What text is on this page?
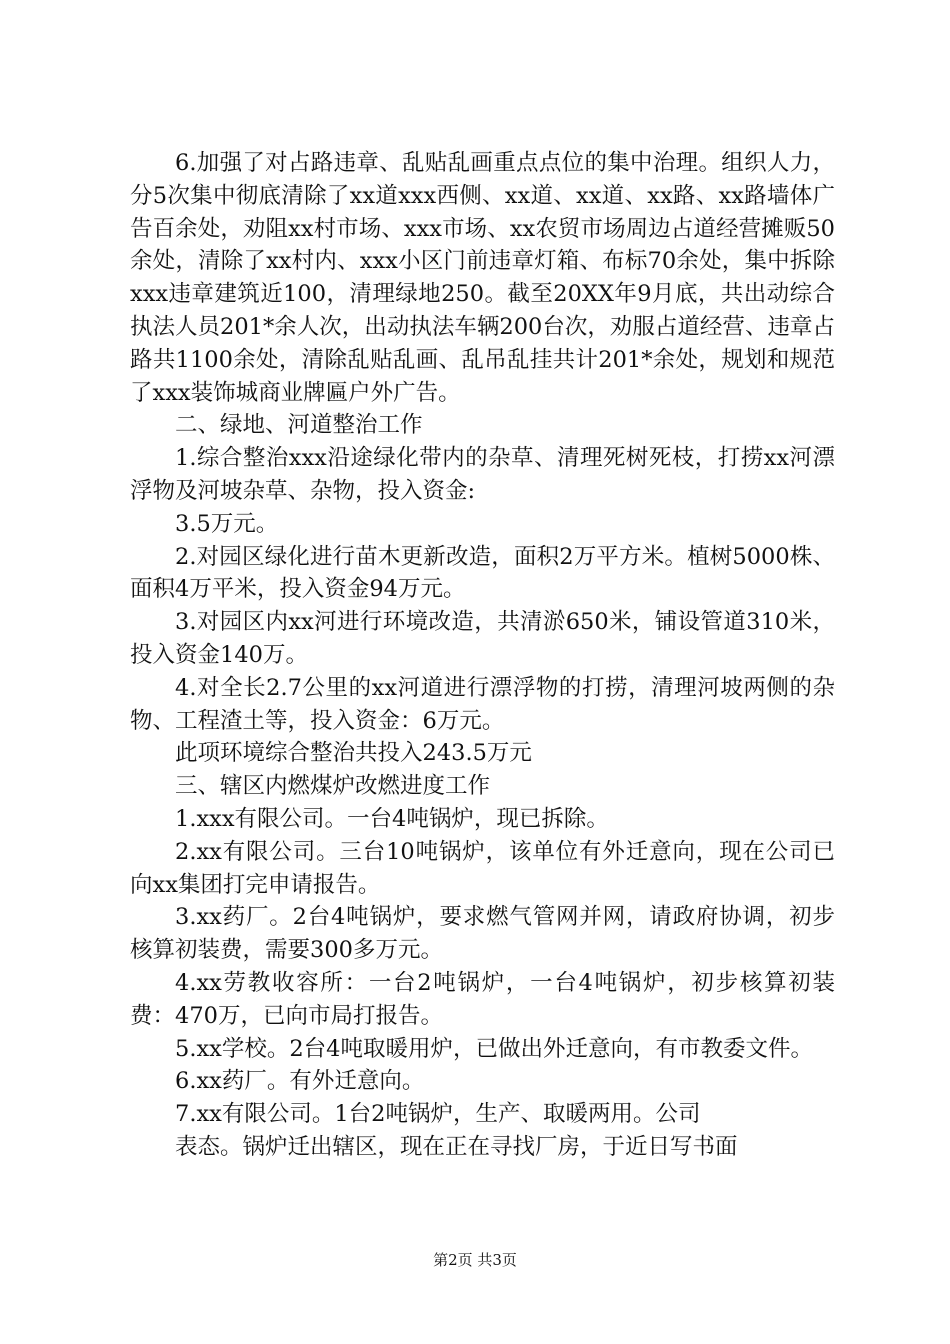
6.加强了对占路违章、乱贴乱画重点点位的集中治理。组织人力，分5次集中彻底清除了xx道xxx西侧、xx道、xx道、xx路、xx路墙体广告百余处，劝阻xx村市场、xxx市场、xx农贸市场周边占道经营摊贩50余处，清除了xx村内、xxx小区门前违章灯箱、布标70余处，集中拆除xxx违章建筑近100，清理绿地250。截至20XX年9月底，共出动综合执法人员201*余人次，出动执法车辆200台次，劝服占道经营、违章占路共1100余处，清除乱贴乱画、乱吊乱挂共计201*余处，规划和规范了xxx装饰城商业牌匾户外广告。

二、绿地、河道整治工作

1.综合整治xxx沿途绿化带内的杂草、清理死树死枝，打捞xx河漂浮物及河坡杂草、杂物，投入资金:

3.5万元。

2.对园区绿化进行苗木更新改造，面积2万平方米。植树5000株、面积4万平米，投入资金94万元。

3.对园区内xx河进行环境改造，共清淤650米，铺设管道310米，投入资金140万。

4.对全长2.7公里的xx河道进行漂浮物的打捞，清理河坡两侧的杂物、工程渣土等，投入资金：6万元。

此项环境综合整治共投入243.5万元

三、辖区内燃煤炉改燃进度工作

1.xxx有限公司。一台4吨锅炉，现已拆除。

2.xx有限公司。三台10吨锅炉，该单位有外迁意向，现在公司已向xx集团打完申请报告。

3.xx药厂。2台4吨锅炉，要求燃气管网并网，请政府协调，初步核算初装费，需要300多万元。

4.xx劳教收容所：一台2吨锅炉，一台4吨锅炉，初步核算初装费：470万，已向市局打报告。

5.xx学校。2台4吨取暖用炉，已做出外迁意向，有市教委文件。

6.xx药厂。有外迁意向。

7.xx有限公司。1台2吨锅炉，生产、取暖两用。公司

表态。锅炉迁出辖区，现在正在寻找厂房，于近日写书面

第2页 共3页
